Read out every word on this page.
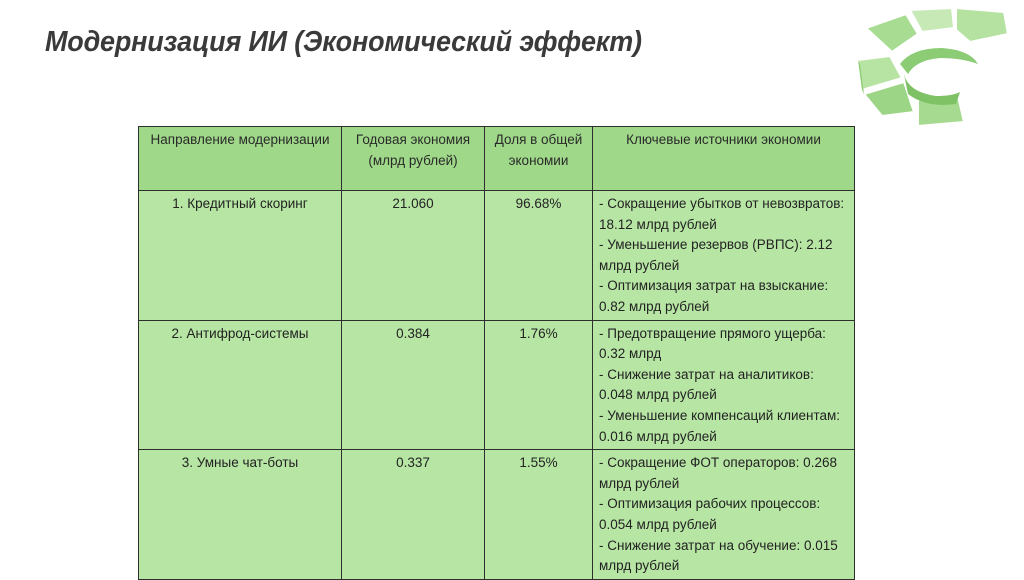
Модернизация ИИ (Экономический эффект)
Направление модернизации	Годовая экономия (млрд рублей)	Доля в общей экономии	Ключевые источники экономии
1. Кредитный скоринг	21.060	96.68%	- Сокращение убытков от невозвратов: 18.12 млрд рублей
- Уменьшение резервов (РВПС): 2.12 млрд рублей
- Оптимизация затрат на взыскание: 0.82 млрд рублей

2. Антифрод-системы	0.384	1.76%	- Предотвращение прямого ущерба: 0.32 млрд
- Снижение затрат на аналитиков: 0.048 млрд рублей
- Уменьшение компенсаций клиентам: 0.016 млрд рублей

3. Умные чат-боты	0.337	1.55%	- Сокращение ФОТ операторов: 0.268 млрд рублей
- Оптимизация рабочих процессов: 0.054 млрд рублей
- Снижение затрат на обучение: 0.015 млрд рублей
